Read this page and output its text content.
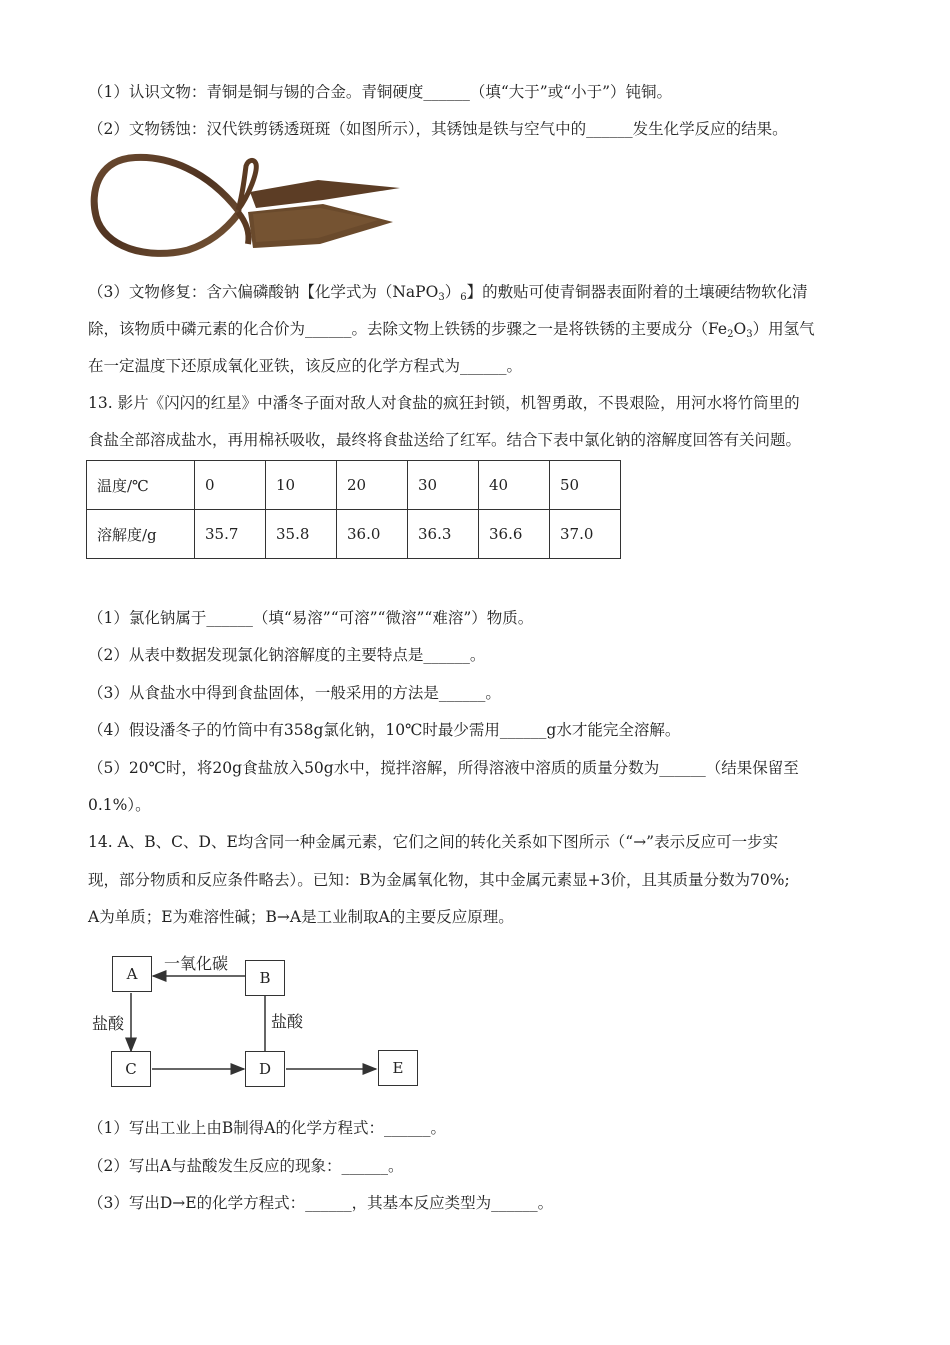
（1）认识文物：青铜是铜与锡的合金。青铜硬度______（填“大于”或“小于”）钝铜。
（2）文物锈蚀：汉代铁剪锈透斑斑（如图所示），其锈蚀是铁与空气中的______发生化学反应的结果。
（3）文物修复：含六偏磷酸钠【化学式为$(NaPO_3)_6$】的敷贴可使青铜器表面附着的土壤硬结物软化清
除，该物质中磷元素的化合价为______。去除文物上铁锈的步骤之一是将铁锈的主要成分$(Fe_2O_3)$用氢气
在一定温度下还原成氧化亚铁，该反应的化学方程式为______。
13. 影片《闪闪的红星》中潘冬子面对敌人对食盐的疯狂封锁，机智勇敢，不畏艰险，用河水将竹筒里的
食盐全部溶成盐水，再用棉袄吸收，最终将食盐送给了红军。结合下表中氯化钠的溶解度回答有关问题。
温度/℃	0	10	20	30	40	50
溶解度/g	35.7	35.8	36.0	36.3	36.6	37.0
（1）氯化钠属于______（填“易溶”“可溶”“微溶”“难溶”）物质。
（2）从表中数据发现氯化钠溶解度的主要特点是______。
（3）从食盐水中得到食盐固体，一般采用的方法是______。
（4）假设潘冬子的竹筒中有358g氯化钠，10℃时最少需用______g水才能完全溶解。
（5）20℃时，将20g食盐放入50g水中，搅拌溶解，所得溶液中溶质的质量分数为______（结果保留至
0.1%）。
14. A、B、C、D、E均含同一种金属元素，它们之间的转化关系如下图所示（“→”表示反应可一步实
现，部分物质和反应条件略去）。已知：B为金属氧化物，其中金属元素显+3价，且其质量分数为70%;
A为单质；E为难溶性碱；B→A是工业制取A的主要反应原理。
A	B
C	D	E
一氧化碳
盐酸	盐酸
（1）写出工业上由B制得A的化学方程式：______。
（2）写出A与盐酸发生反应的现象：______。
（3）写出D→E的化学方程式：______，其基本反应类型为______。
